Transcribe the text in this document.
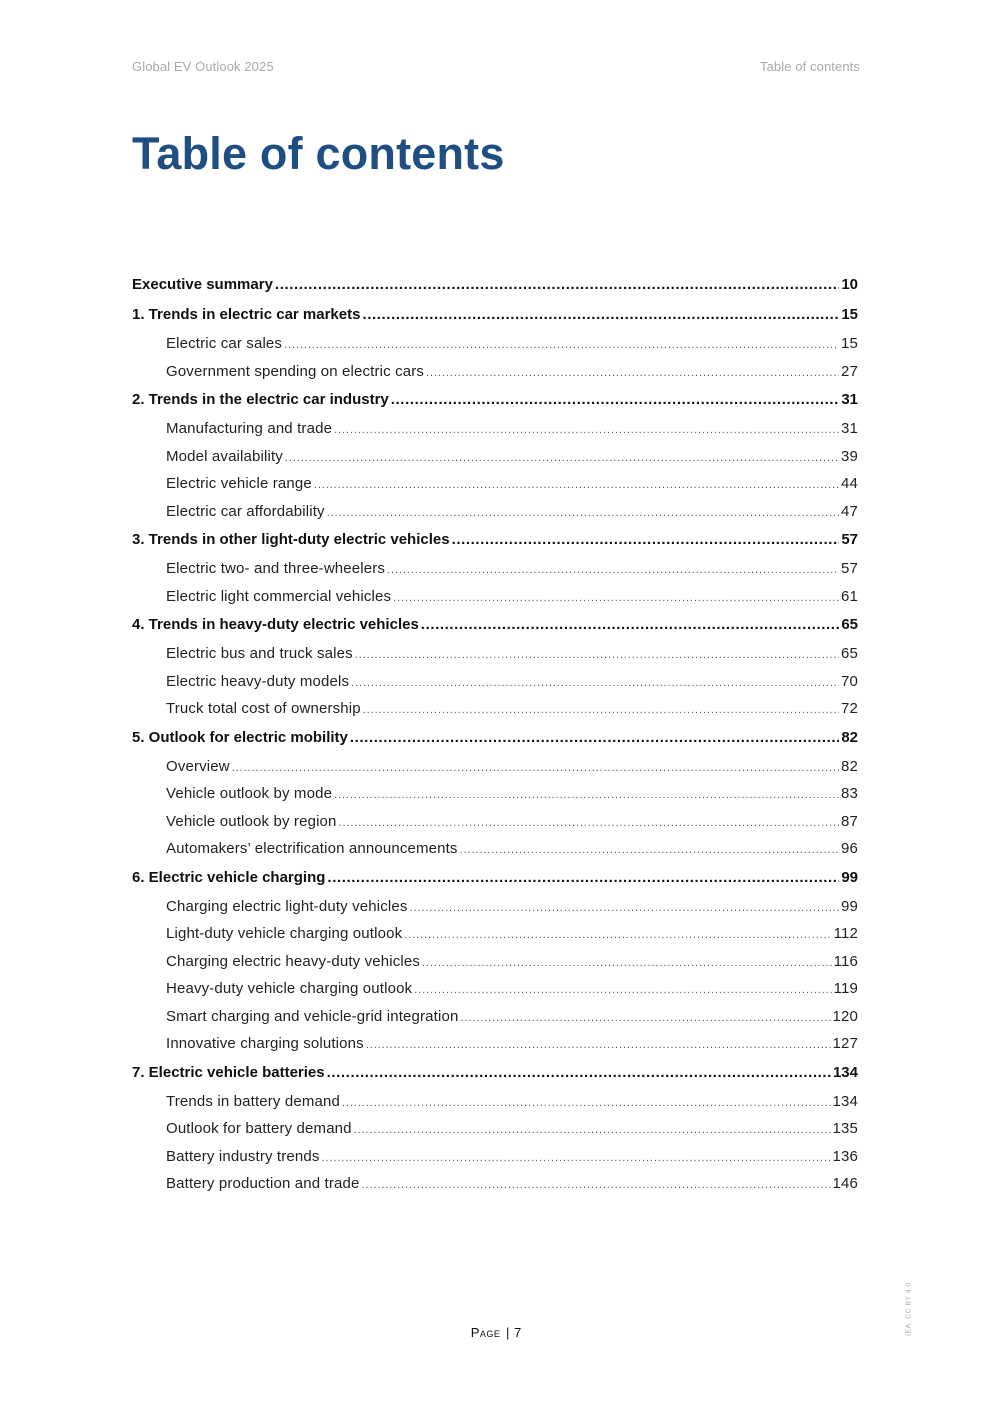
Global EV Outlook 2025	Table of contents
Table of contents
Executive summary .....	10
1. Trends in electric car markets .....	15
Electric car sales .....	15
Government spending on electric cars .....	27
2. Trends in the electric car industry .....	31
Manufacturing and trade .....	31
Model availability .....	39
Electric vehicle range .....	44
Electric car affordability .....	47
3. Trends in other light-duty electric vehicles .....	57
Electric two- and three-wheelers .....	57
Electric light commercial vehicles .....	61
4. Trends in heavy-duty electric vehicles .....	65
Electric bus and truck sales .....	65
Electric heavy-duty models .....	70
Truck total cost of ownership .....	72
5. Outlook for electric mobility .....	82
Overview .....	82
Vehicle outlook by mode .....	83
Vehicle outlook by region .....	87
Automakers’ electrification announcements .....	96
6. Electric vehicle charging .....	99
Charging electric light-duty vehicles .....	99
Light-duty vehicle charging outlook .....	112
Charging electric heavy-duty vehicles .....	116
Heavy-duty vehicle charging outlook .....	119
Smart charging and vehicle-grid integration .....	120
Innovative charging solutions .....	127
7. Electric vehicle batteries .....	134
Trends in battery demand .....	134
Outlook for battery demand .....	135
Battery industry trends .....	136
Battery production and trade .....	146
Page | 7	IEA. CC BY 4.0.
